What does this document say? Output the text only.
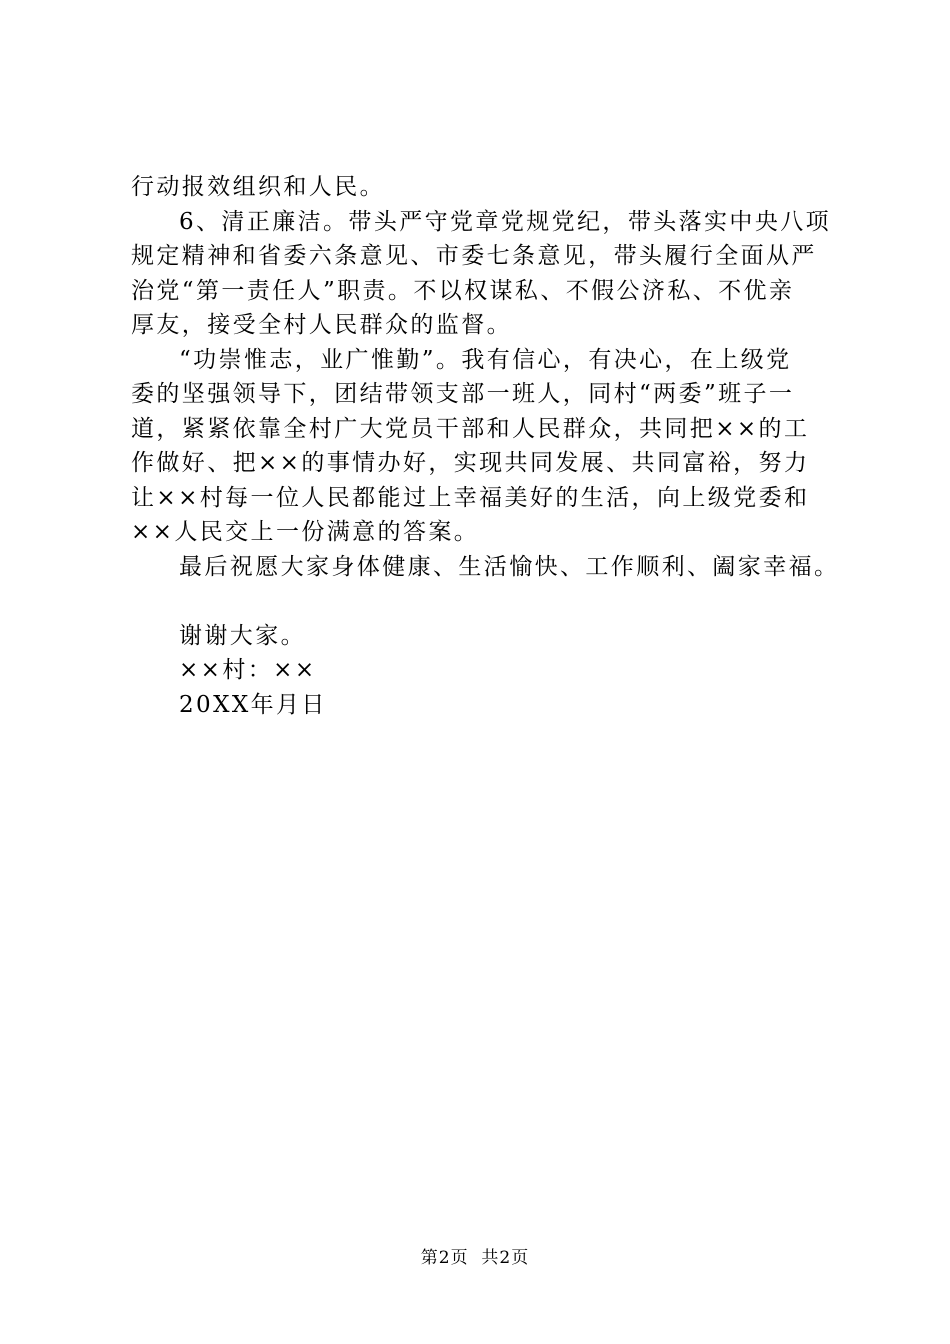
行动报效组织和人民。
6、清正廉洁。带头严守党章党规党纪，带头落实中央八项
规定精神和省委六条意见、市委七条意见，带头履行全面从严
治党“第一责任人”职责。不以权谋私、不假公济私、不优亲
厚友，接受全村人民群众的监督。
“功崇惟志，业广惟勤”。我有信心，有决心，在上级党
委的坚强领导下，团结带领支部一班人，同村“两委”班子一
道，紧紧依靠全村广大党员干部和人民群众，共同把××的工
作做好、把××的事情办好，实现共同发展、共同富裕，努力
让××村每一位人民都能过上幸福美好的生活，向上级党委和
××人民交上一份满意的答案。
最后祝愿大家身体健康、生活愉快、工作顺利、阖家幸福。
谢谢大家。
××村：××
20XX年月日
第2页  共2页
